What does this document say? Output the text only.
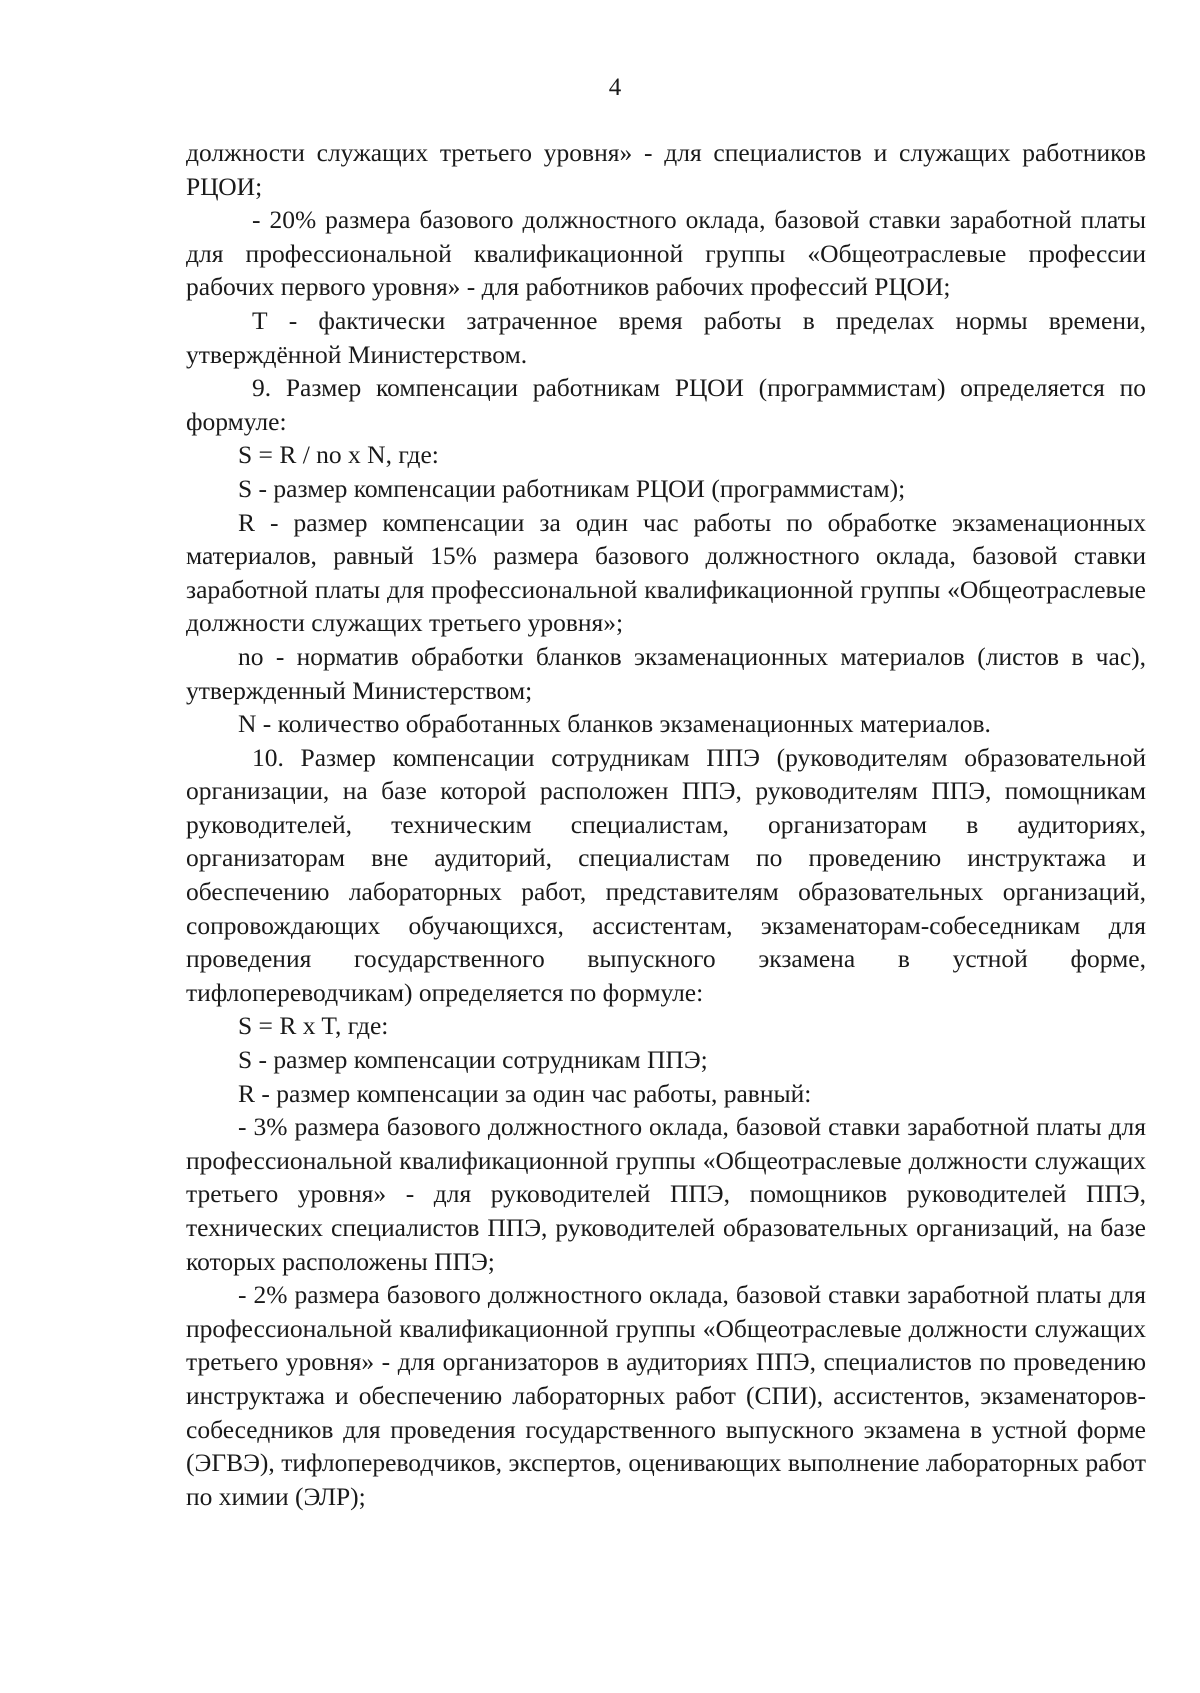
4

должности служащих третьего уровня» - для специалистов и служащих работников РЦОИ;

- 20% размера базового должностного оклада, базовой ставки заработной платы для профессиональной квалификационной группы «Общеотраслевые профессии рабочих первого уровня» - для работников рабочих профессий РЦОИ;

Т - фактически затраченное время работы в пределах нормы времени, утверждённой Министерством.

9. Размер компенсации работникам РЦОИ (программистам) определяется по формуле:

S = R / no x N, где:

S - размер компенсации работникам РЦОИ (программистам);

R - размер компенсации за один час работы по обработке экзаменационных материалов, равный 15% размера базового должностного оклада, базовой ставки заработной платы для профессиональной квалификационной группы «Общеотраслевые должности служащих третьего уровня»;

no - норматив обработки бланков экзаменационных материалов (листов в час), утвержденный Министерством;

N - количество обработанных бланков экзаменационных материалов.

10. Размер компенсации сотрудникам ППЭ (руководителям образовательной организации, на базе которой расположен ППЭ, руководителям ППЭ, помощникам руководителей, техническим специалистам, организаторам в аудиториях, организаторам вне аудиторий, специалистам по проведению инструктажа и обеспечению лабораторных работ, представителям образовательных организаций, сопровождающих обучающихся, ассистентам, экзаменаторам-собеседникам для проведения государственного выпускного экзамена в устной форме, тифлопереводчикам) определяется по формуле:

S = R x T, где:

S - размер компенсации сотрудникам ППЭ;

R - размер компенсации за один час работы, равный:

- 3% размера базового должностного оклада, базовой ставки заработной платы для профессиональной квалификационной группы «Общеотраслевые должности служащих третьего уровня» - для руководителей ППЭ, помощников руководителей ППЭ, технических специалистов ППЭ, руководителей образовательных организаций, на базе которых расположены ППЭ;

- 2% размера базового должностного оклада, базовой ставки заработной платы для профессиональной квалификационной группы «Общеотраслевые должности служащих третьего уровня» - для организаторов в аудиториях ППЭ, специалистов по проведению инструктажа и обеспечению лабораторных работ (СПИ), ассистентов, экзаменаторов-собеседников для проведения государственного выпускного экзамена в устной форме (ЭГВЭ), тифлопереводчиков, экспертов, оценивающих выполнение лабораторных работ по химии (ЭЛР);
